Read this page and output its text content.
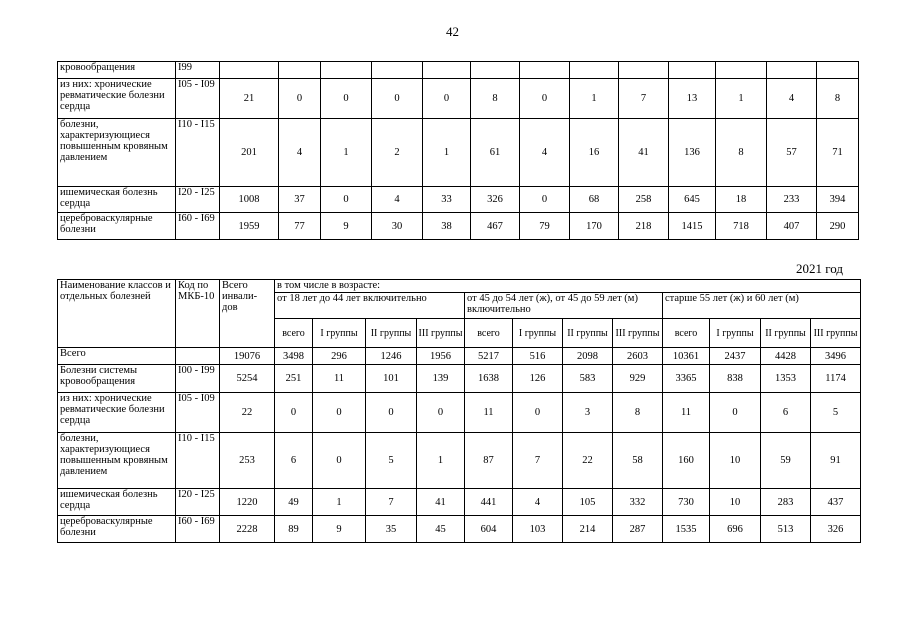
42
кровообращения	I99														
из них: хронические ревматические болезни сердца	I05 - I09	21	0	0	0	0	8	0	1	7	13	1	4	8	
болезни, характеризующиеся повышенным кровяным давлением	I10 - I15	201	4	1	2	1	61	4	16	41	136	8	57	71	
ишемическая болезнь сердца	I20 - I25	1008	37	0	4	33	326	0	68	258	645	18	233	394	
цереброваскулярные болезни	I60 - I69	1959	77	9	30	38	467	79	170	218	1415	718	407	290	
2021 год
Наименование классов и отдельных болезней	Код по МКБ-10	Всего инвали-дов	в том числе в возрасте:											
			от 18 лет до 44 лет включительно				от 45 до 54 лет (ж), от 45 до 59 лет (м) включительно				старше 55 лет (ж) и 60 лет (м)			
			всего	I группы	II группы	III группы	всего	I группы	II группы	III группы	всего	I группы	II группы	III группы
Всего		19076	3498	296	1246	1956	5217	516	2098	2603	10361	2437	4428	3496
Болезни системы кровообращения	I00 - I99	5254	251	11	101	139	1638	126	583	929	3365	838	1353	1174
из них: хронические ревматические болезни сердца	I05 - I09	22	0	0	0	0	11	0	3	8	11	0	6	5
болезни, характеризующиеся повышенным кровяным давлением	I10 - I15	253	6	0	5	1	87	7	22	58	160	10	59	91
ишемическая болезнь сердца	I20 - I25	1220	49	1	7	41	441	4	105	332	730	10	283	437
цереброваскулярные болезни	I60 - I69	2228	89	9	35	45	604	103	214	287	1535	696	513	326
